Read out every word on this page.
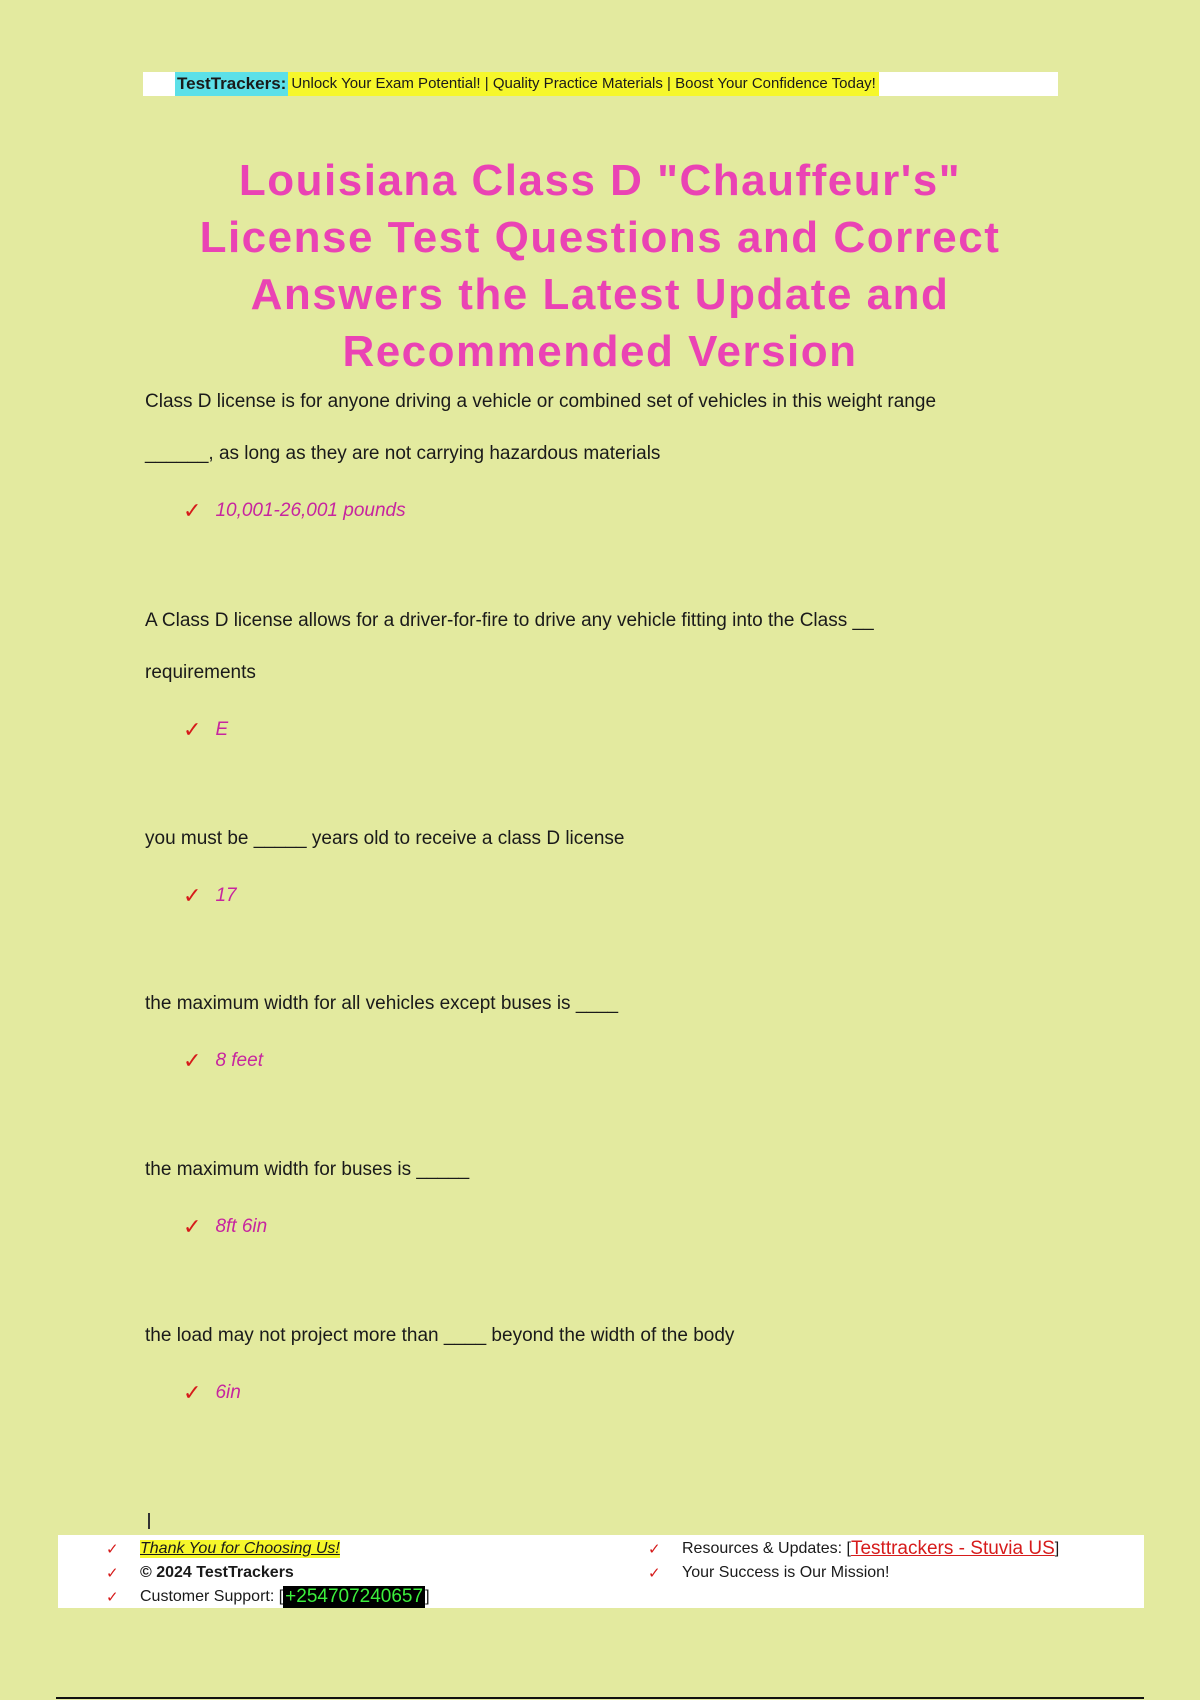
TestTrackers: Unlock Your Exam Potential! | Quality Practice Materials | Boost Your Confidence Today!
Louisiana Class D "Chauffeur's"
License Test Questions and Correct
Answers the Latest Update and
Recommended Version

Class D license is for anyone driving a vehicle or combined set of vehicles in this weight range
______, as long as they are not carrying hazardous materials

✓ 10,001-26,001 pounds

A Class D license allows for a driver-for-fire to drive any vehicle fitting into the Class __
requirements

✓ E

you must be _____ years old to receive a class D license

✓ 17

the maximum width for all vehicles except buses is ____

✓ 8 feet

the maximum width for buses is _____

✓ 8ft 6in

the load may not project more than ____ beyond the width of the body

✓ 6in
✓	Thank You for Choosing Us!
✓	© 2024 TestTrackers
✓	Customer Support: [ +254707240657 ]
✓	Resources & Updates: [ Testtrackers - Stuvia US ]
✓	Your Success is Our Mission!
